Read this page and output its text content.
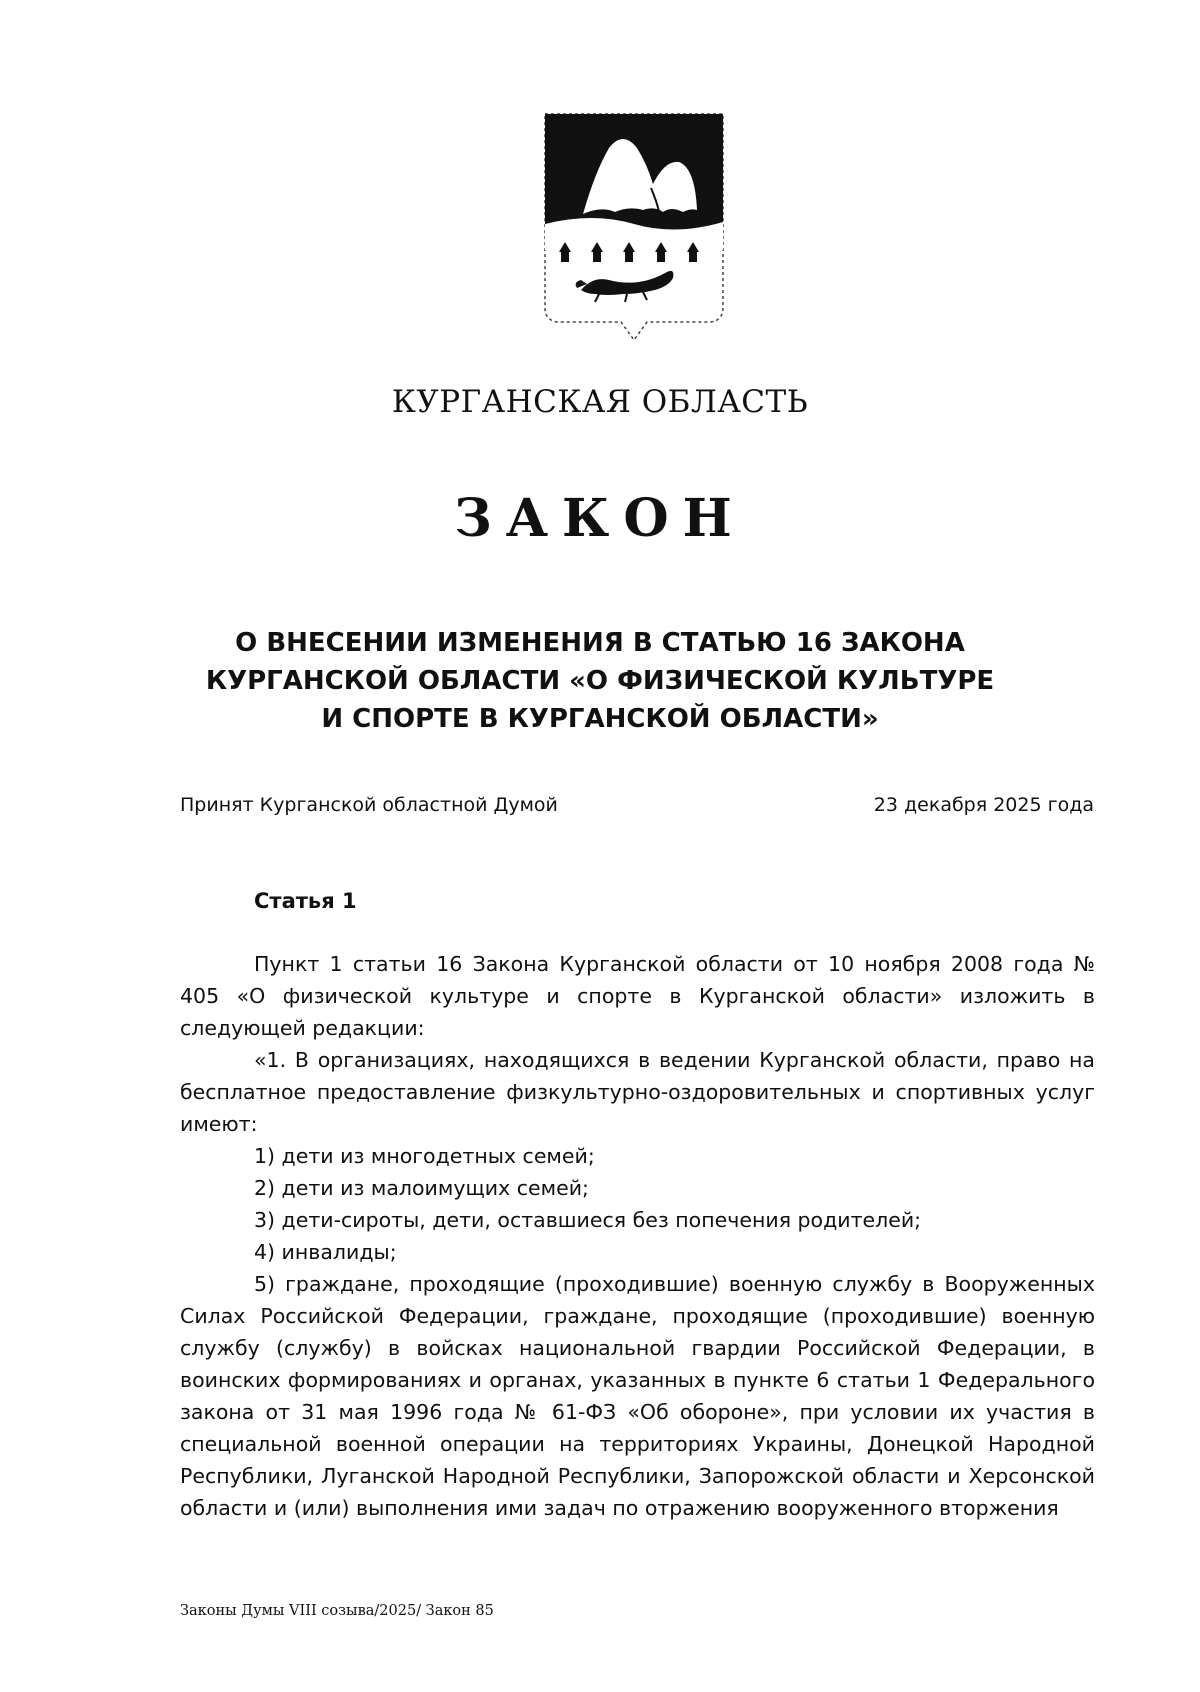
КУРГАНСКАЯ ОБЛАСТЬ
ЗАКОН
О ВНЕСЕНИИ ИЗМЕНЕНИЯ В СТАТЬЮ 16 ЗАКОНА
КУРГАНСКОЙ ОБЛАСТИ «О ФИЗИЧЕСКОЙ КУЛЬТУРЕ
И СПОРТЕ В КУРГАНСКОЙ ОБЛАСТИ»
Принят Курганской областной Думой	23 декабря 2025 года
Статья 1

Пункт 1 статьи 16 Закона Курганской области от 10 ноября 2008 года № 405 «О физической культуре и спорте в Курганской области» изложить в следующей редакции:

«1. В организациях, находящихся в ведении Курганской области, право на бесплатное предоставление физкультурно-оздоровительных и спортивных услуг имеют:

1) дети из многодетных семей;

2) дети из малоимущих семей;

3) дети-сироты, дети, оставшиеся без попечения родителей;

4) инвалиды;

5) граждане, проходящие (проходившие) военную службу в Вооруженных Силах Российской Федерации, граждане, проходящие (проходившие) военную службу (службу) в войсках национальной гвардии Российской Федерации, в воинских формированиях и органах, указанных в пункте 6 статьи 1 Федерального закона от 31 мая 1996 года № 61-ФЗ «Об обороне», при условии их участия в специальной военной операции на территориях Украины, Донецкой Народной Республики, Луганской Народной Республики, Запорожской области и Херсонской области и (или) выполнения ими задач по отражению вооруженного вторжения

Законы Думы VIII созыва/2025/ Закон 85
